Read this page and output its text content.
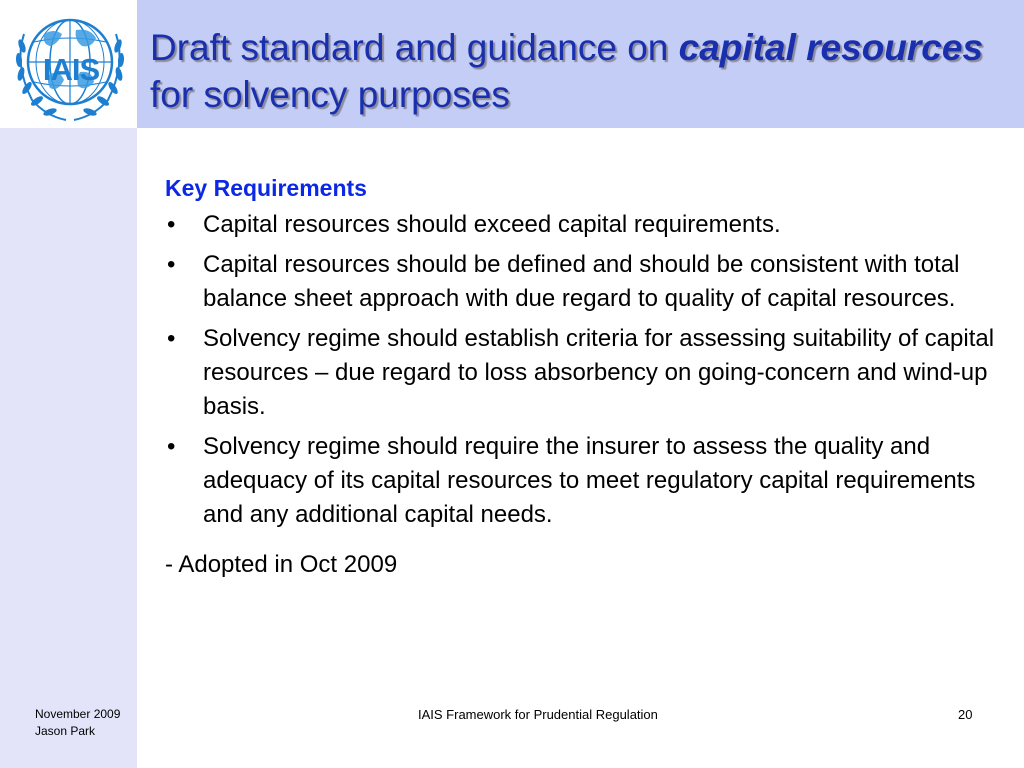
IAIS
Draft standard and guidance on capital resources for solvency purposes
Key Requirements
• Capital resources should exceed capital requirements.
• Capital resources should be defined and should be consistent with total balance sheet approach with due regard to quality of capital resources.
• Solvency regime should establish criteria for assessing suitability of capital resources – due regard to loss absorbency on going-concern and wind-up basis.
• Solvency regime should require the insurer to assess the quality and adequacy of its capital resources to meet regulatory capital requirements and any additional capital needs.
- Adopted in Oct 2009
November 2009
Jason Park
IAIS Framework for Prudential Regulation	20
